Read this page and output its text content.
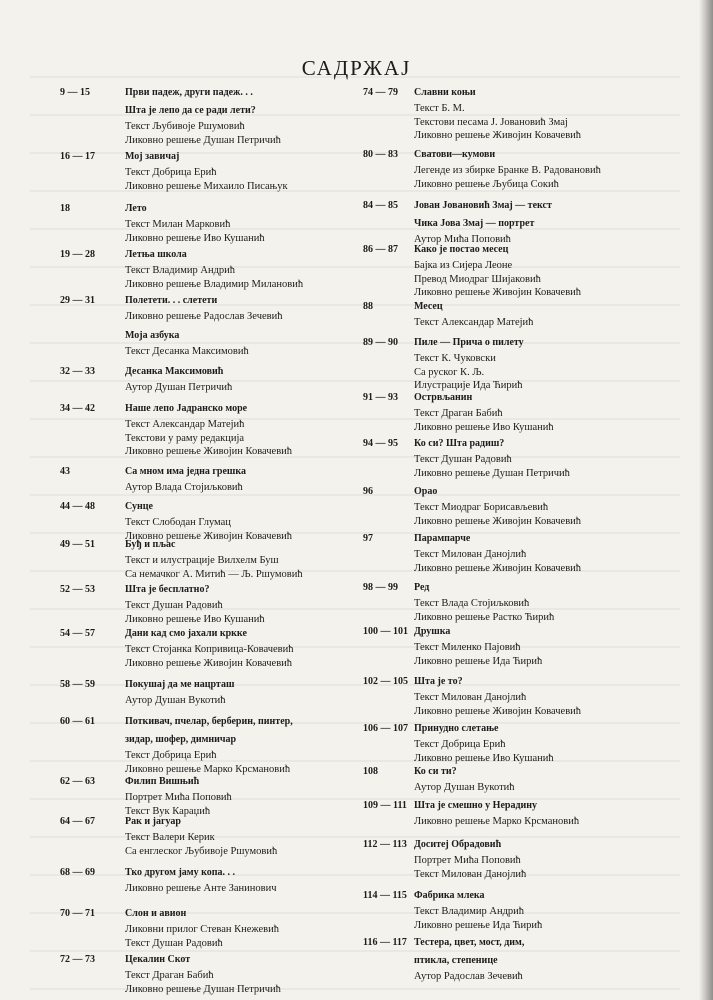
САДРЖАЈ
9 — 15	Први падеж, други падеж. . .
Шта је лепо да се ради лети?
Текст Љубивоје Ршумовић
Ликовно решење Душан Петричић
16 — 17	Мој завичај
Текст Добрица Ерић
Ликовно решење Михаило Писањук
18	Лето
Текст Милан Марковић
Ликовно решење Иво Кушанић
19 — 28	Летња школа
Текст Владимир Андрић
Ликовно решење Владимир Милановић
29 — 31	Полетети. . . слетети
Ликовно решење Радослав Зечевић
Моја азбука
Текст Десанка Максимовић
32 — 33	Десанка Максимовић
Аутор Душан Петричић
34 — 42	Наше лепо Јадранско море
Текст Александар Матејић
Текстови у раму редакција
Ликовно решење Живојин Ковачевић
43	Са мном има једна грешка
Аутор Влада Стојиљковић
44 — 48	Сунце
Текст Слободан Глумац
Ликовно решење Живојин Ковачевић
49 — 51	Буђ и пљас
Текст и илустрације Вилхелм Буш
Са немачког А. Митић — Љ. Ршумовић
52 — 53	Шта је бесплатно?
Текст Душан Радовић
Ликовно решење Иво Кушанић
54 — 57	Дани кад смо јахали кркке
Текст Стојанка Копривица-Ковачевић
Ликовно решење Живојин Ковачевић
58 — 59	Покушај да ме нацрташ
Аутор Душан Вукотић
60 — 61	Поткивач, пчелар, берберин, пинтер,
зидар, шофер, димничар
Текст Добрица Ерић
Ликовно решење Марко Крсмановић
62 — 63	Филип Вишњић
Портрет Мића Поповић
Текст Вук Караџић
64 — 67	Рак и јагуар
Текст Валери Керик
Са енглеског Љубивоје Ршумовић
68 — 69	Тко другом јаму копа. . .
Ликовно решење Анте Занинович
70 — 71	Слон и авион
Ликовни прилог Стеван Кнежевић
Текст Душан Радовић
72 — 73	Цекалин Скот
Текст Драган Бабић
Ликовно решење Душан Петричић
74 — 79	Славни коњи
Текст Б. М.
Текстови песама Ј. Јовановић Змај
Ликовно решење Живојин Ковачевић
80 — 83	Сватови—кумови
Легенде из збирке Бранке В. Радовановић
Ликовно решење Љубица Сокић
84 — 85	Јован Јовановић Змај — текст
Чика Јова Змај — портрет
Аутор Мића Поповић
86 — 87	Како је постао месец
Бајка из Сијера Леоне
Превод Миодраг Шијаковић
Ликовно решење Живојин Ковачевић
88	Месец
Текст Александар Матејић
89 — 90	Пиле — Прича о пилету
Текст К. Чуковски
Са руског К. Љ.
Илустрације Ида Ћирић
91 — 93	Острвљанин
Текст Драган Бабић
Ликовно решење Иво Кушанић
94 — 95	Ко си? Шта радиш?
Текст Душан Радовић
Ликовно решење Душан Петричић
96	Орао
Текст Миодраг Борисављевић
Ликовно решење Живојин Ковачевић
97	Парампарче
Текст Милован Данојлић
Ликовно решење Живојин Ковачевић
98 — 99	Ред
Текст Влада Стојиљковић
Ликовно решење Растко Ћирић
100 — 101 Друшка
Текст Миленко Пајовић
Ликовно решење Ида Ћирић
102 — 105 Шта је то?
Текст Милован Данојлић
Ликовно решење Живојин Ковачевић
106 — 107 Принудно слетање
Текст Добрица Ерић
Ликовно решење Иво Кушанић
108	Ко си ти?
Аутор Душан Вукотић
109 — 111 Шта је смешно у Нерадину
Ликовно решење Марко Крсмановић
112 — 113 Доситеј Обрадовић
Портрет Мића Поповић
Текст Милован Данојлић
114 — 115 Фабрика млека
Текст Владимир Андрић
Ликовно решење Ида Ћирић
116 — 117 Тестера, цвет, мост, дим,
птикла, степенице
Аутор Радослав Зечевић
